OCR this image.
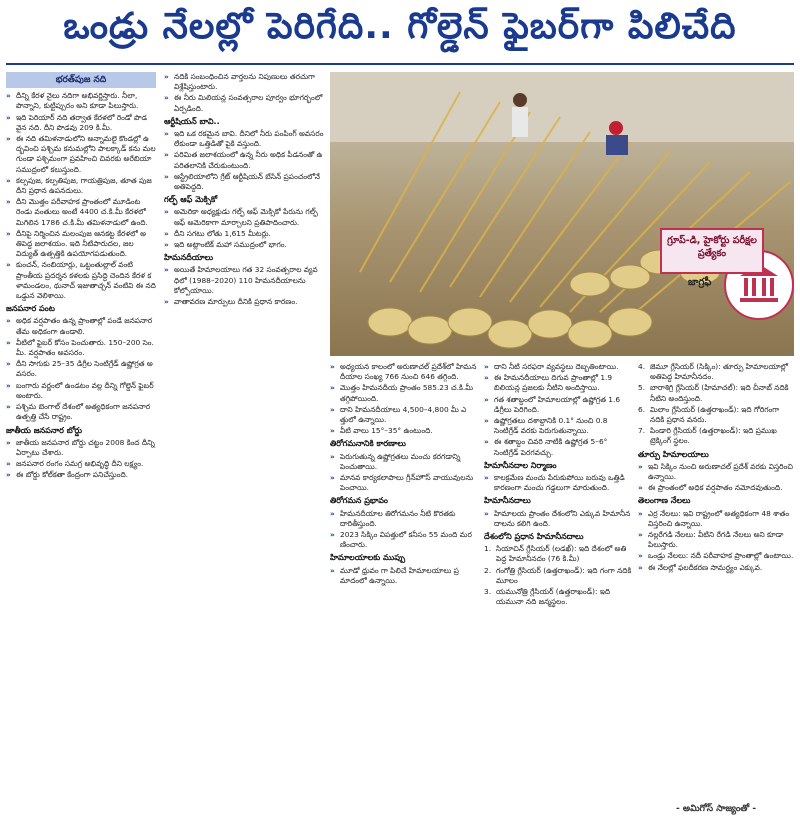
ఒండ్రు నేలల్లో పెరిగేది.. గోల్డెన్ ఫైబర్‌గా పిలిచేది
భరత్‌పుజ నది
» దీన్ని కేరళ నైలు నదిగా అభివర్ణిస్తారు. నీలా, పొన్నాని, కుట్టిప్పురం అని కూడా పిలుస్తారు.
» ఇది పెరియార్ నది తర్వాత కేరళలో రెండో పొడవైన నది. దీని పొడవు 209 కి.మీ.
» ఈ నది తమిళనాడులోని అన్నామలై కొండల్లో ఉద్భవించి పశ్చిమ కనుమల్లోని పాలక్కాడ్ కను మల గుండా పశ్చిమంగా ప్రవహించి చివరకు అరేబియా సముద్రంలో కలుస్తుంది.
» కల్పపుజ, కల్పతిపుజ, గాయత్రిపుజ, తూత పుజ దీని ప్రధాన ఉపనదులు.
» దీని మొత్తం పరీవాహక ప్రాంతంలో మూడింట రెండు వంతులు అంటే 4400 చ.కి.మీ కేరళలో మిగిలిన 1786 చ.కి.మీ తమిళనాడులో ఉంది.
» దీనిపై నిర్మించిన మలంపుజ ఆనకట్ట కేరళలో అతిపెద్ద జలాశయం. ఇది నీటిపారుదల, జల విద్యుత్ ఉత్పత్తికి ఉపయోగపడుతుంది.
» కుంచన్, నంబియార్లు, ఒట్టంతుల్లాల్ వంటి ప్రాంతీయ ప్రదర్శన కళలకు ప్రసిద్ధి చెందిన కేరళ కళామండలం, థునాచ్ ఇజుతాచ్చన్ వంటివి ఈ నది ఒడ్డున వెలిశాయి.
జనపనార పంట
» అధిక వర్షపాతం ఉన్న ప్రాంతాల్లో పండే జనపనార తేమ అధికంగా ఉండాలి.
» వీటిలో ఫైబర్ కోసం పెంచుతారు. 150–200 సెం.మీ. వర్షపాతం అవసరం.
» దీని సాగుకు 25–35 డిగ్రీల సెంటిగ్రేడ్ ఉష్ణోగ్రత అవసరం.
» బంగారు వర్ణంలో ఉండటం వల్ల దీన్ని గోల్డెన్ ఫైబర్ అంటారు.
» పశ్చిమ బెంగాల్ దేశంలో అత్యధికంగా జనపనార ఉత్పత్తి చేసే రాష్ట్రం.
జాతీయ జనపనార బోర్డు
» జాతీయ జనపనార బోర్డు చట్టం 2008 కింద దీన్ని ఏర్పాటు చేశారు.
» జనపనార రంగం సమగ్ర అభివృద్ధి దీని లక్ష్యం.
» ఈ బోర్డు కోల్‌కతా కేంద్రంగా పనిచేస్తుంది.
» నదికి సంబంధించిన వార్తలను నిపుణులు తరచుగా విశ్లేషిస్తుంటారు.
» ఈ నీరు మిలియన్ల సంవత్సరాల పూర్వం భూగర్భంలో ఏర్పడింది.
ఆర్టీషియన్ బావి..
» ఇది ఒక రకమైన బావి. దీనిలో నీరు పంపింగ్ అవసరం లేకుండా ఒత్తిడితో పైకి వస్తుంది.
» పరిమిత జలాశయంలో ఉన్న నీరు అధిక పీడనంతో ఉపరితలానికి చేరుకుంటుంది.
» ఆస్ట్రేలియాలోని గ్రేట్ ఆర్టీషియన్ బేసిన్ ప్రపంచంలోనే అతిపెద్దది.
గల్ఫ్ ఆఫ్ మెక్సికో
» అమెరికా అధ్యక్షుడు గల్ఫ్ ఆఫ్ మెక్సికో పేరును గల్ఫ్ ఆఫ్ అమెరికాగా మార్చాలని ప్రతిపాదించారు.
» దీని సగటు లోతు 1,615 మీటర్లు.
» ఇది అట్లాంటిక్ మహా సముద్రంలో భాగం.
హిమనదీయాలు
» అయితే హిమాలయాలు గత 32 సంవత్సరాల వ్యవధిలో (1988–2020) 110 హిమనదీయాలను కోల్పోయాయి.
» వాతావరణ మార్పులు దీనికి ప్రధాన కారణం.
గ్రూప్-డి, హైకోర్టు పరీక్షల ప్రత్యేకం
జాగ్రఫీ
» అధ్యయన కాలంలో అరుణాచల్ ప్రదేశ్‌లో హిమనదీయాల సంఖ్య 766 నుంచి 646 తగ్గింది.
» మొత్తం హిమనదీయ ప్రాంతం 585.23 చ.కి.మీ తగ్గిపోయింది.
» దాని హిమనదీయాలు 4,500–4,800 మీ ఎత్తులో ఉన్నాయి.
» వీటి వాలు 15°–35° ఉంటుంది.
తిరోగమనానికి కారణాలు
» పెరుగుతున్న ఉష్ణోగ్రతలు మంచు కరగడాన్ని పెంచుతాయి.
» మానవ కార్యకలాపాలు గ్రీన్‌హౌస్ వాయువులను పెంచాయి.
తిరోగమన ప్రభావం
» హిమనదీయాల తిరోగమనం నీటి కొరతకు దారితీస్తుంది.
» 2023 సిక్కిం విపత్తులో కనీసం 55 మంది మరణించారు.
హిమాలయాలకు ముప్పు
» మూడో ధ్రువం గా పిలిచే హిమాలయాలు ప్రమాదంలో ఉన్నాయి.
» దాని నీటి సరఫరా వ్యవస్థలు దెబ్బతింటాయి.
» ఈ హిమనదీయాలు దిగువ ప్రాంతాల్లో 1.9 బిలియన్ల ప్రజలకు నీటిని అందిస్తాయి.
» గత శతాబ్దంలో హిమాలయాల్లో ఉష్ణోగ్రత 1.6 డిగ్రీలు పెరిగింది.
» ఉష్ణోగ్రతలు దశాబ్దానికి 0.1° నుంచి 0.8 సెంటిగ్రేడ్ వరకు పెరుగుతున్నాయి.
» ఈ శతాబ్దం చివరి నాటికి ఉష్ణోగ్రత 5–6° సెంటిగ్రేడ్ పెరగవచ్చు.
హిమానీనదాల నిర్మాణం
» కాలక్రమేణ మంచు పేరుకుపోయి బరువు ఒత్తిడి కారణంగా మంచు గడ్డలుగా మారుతుంది.
హిమానీనదాలు
» హిమాలయ ప్రాంతం దేశంలోని ఎక్కువ హిమానీనదాలను కలిగి ఉంది.
దేశంలోని ప్రధాన హిమానీనదాలు
1. సియాచిన్ గ్లేసియర్ (లడఖ్): ఇది దేశంలో అతి పెద్ద హిమానీనదం (76 కి.మీ)
2. గంగోత్రి గ్లేసియర్ (ఉత్తరాఖండ్): ఇది గంగా నదికి మూలం
3. యమునోత్రి గ్లేసియర్ (ఉత్తరాఖండ్): ఇది యమునా నది జన్మస్థలం.
4. జెమూ గ్లేసియర్ (సిక్కిం): తూర్పు హిమాలయాల్లో అతిపెద్ద హిమానీనదం.
5. బారాశిగ్రి గ్లేసియర్ (హిమాచల్): ఇది చీనాబ్ నదికి నీటిని అందిస్తుంది.
6. మిలాం గ్లేసియర్ (ఉత్తరాఖండ్): ఇది గోరిగంగా నదికి ప్రధాన వనరు.
7. పిండారి గ్లేసియర్ (ఉత్తరాఖండ్): ఇది ప్రముఖ ట్రెక్కింగ్ స్థలం.
తూర్పు హిమాలయాలు
» ఇవి సిక్కిం నుంచి అరుణాచల్ ప్రదేశ్ వరకు విస్తరించి ఉన్నాయి.
» ఈ ప్రాంతంలో అధిక వర్షపాతం నమోదవుతుంది.
తెలంగాణ నేలలు
» ఎర్ర నేలలు: ఇవి రాష్ట్రంలో అత్యధికంగా 48 శాతం విస్తరించి ఉన్నాయి.
» నల్లరేగడి నేలలు: వీటిని రేగడి నేలలు అని కూడా పిలుస్తారు.
» ఒండ్రు నేలలు: నదీ పరీవాహక ప్రాంతాల్లో ఉంటాయి.
» ఈ నేలల్లో ఫలదీకరణ సామర్థ్యం ఎక్కువ.
- అమిగోస్ సాజ్యంతో -
